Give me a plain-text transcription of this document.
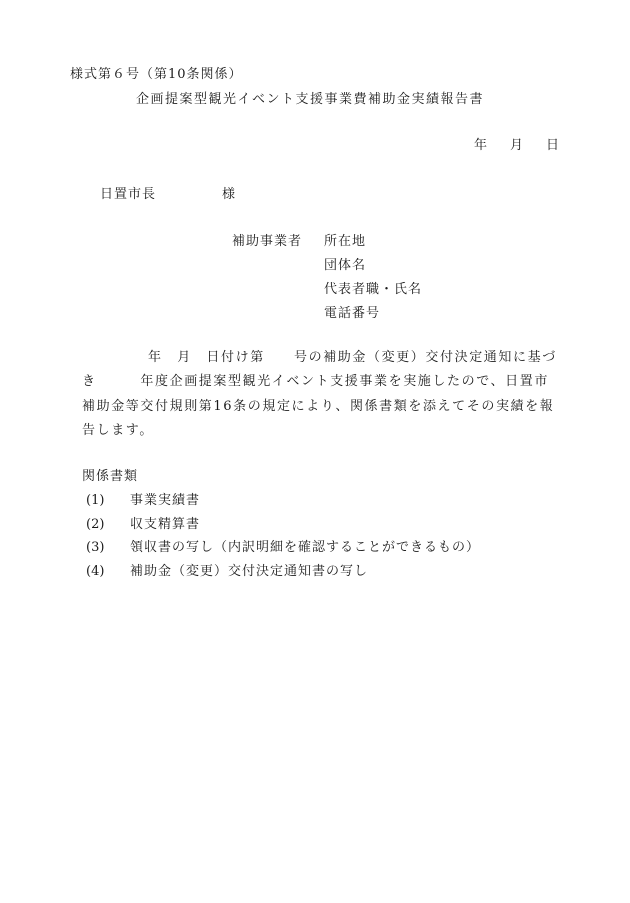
様式第６号（第10条関係）
企画提案型観光イベント支援事業費補助金実績報告書
年 月 日
日置市長	様
補助事業者 所在地
団体名
代表者職・氏名
電話番号
年　月　日付け第　　号の補助金（変更）交付決定通知に基づ
き　　　年度企画提案型観光イベント支援事業を実施したので、日置市
補助金等交付規則第16条の規定により、関係書類を添えてその実績を報
告します。
関係書類
(1) 事業実績書
(2) 収支精算書
(3) 領収書の写し（内訳明細を確認することができるもの）
(4) 補助金（変更）交付決定通知書の写し
